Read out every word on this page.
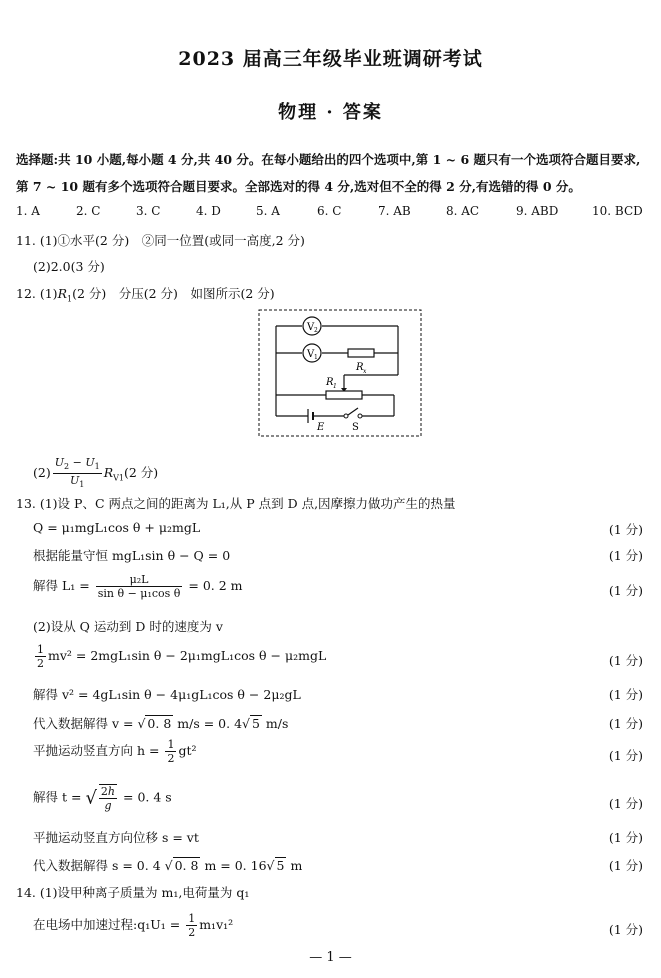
2023 届高三年级毕业班调研考试
物理 · 答案
选择题:共 10 小题,每小题 4 分,共 40 分。在每小题给出的四个选项中,第 1 ~ 6 题只有一个选项符合题目要求,
第 7 ~ 10 题有多个选项符合题目要求。全部选对的得 4 分,选对但不全的得 2 分,有选错的得 0 分。
1. A	2. C	3. C	4. D	5. A	6. C	7. AB	8. AC	9. ABD	10. BCD
11. (1)①水平(2 分)　②同一位置(或同一高度,2 分)
(2)2.0(3 分)
12. $(1)R_1(2$ 分)　分压(2 分)　如图所示(2 分)
V 2
V 1
R x
R 1
E	S
$(2) \frac{U_2 - U_1}{U_1} R_{V1}(2$ 分)
13. (1)设 P、C 两点之间的距离为 L₁,从 P 点到 D 点,因摩擦力做功产生的热量
Q = μ₁mgL₁cos θ + μ₂mgL	(1 分)
根据能量守恒 mgL₁sin θ − Q = 0	(1 分)
解得 $L_1 = \frac{\text{μ₂L}}{\text{sin θ − μ₁cos θ}} = 0$. 2 m	(1 分)
(2)设从 Q 运动到 D 时的速度为 v
$\frac{1}{2} mv^2 = 2mgL_1\sin$ θ − 2μ₁mgL₁cos θ − μ₂mgL	(1 分)
解得 v² = 4gL₁sin θ − 4μ₁gL₁cos θ − 2μ₂gL	(1 分)
代入数据解得 v = √ 0. 8 m/s = 0. 4√ 5 m/s	(1 分)
平抛运动竖直方向 $h = \frac{1}{2} gt^2$	(1 分)
解得 t = √ $\frac{2h}{g} = 0$. 4 s	(1 分)
平抛运动竖直方向位移 s = vt	(1 分)
代入数据解得 s = 0. 4 √ 0. 8 m = 0. 16√ 5 m	(1 分)
14. (1)设甲种离子质量为 m₁,电荷量为 q₁
在电场中加速过程:q₁U₁ = $\frac{1}{2} m_1v_1^2$	(1 分)
— 1 —
